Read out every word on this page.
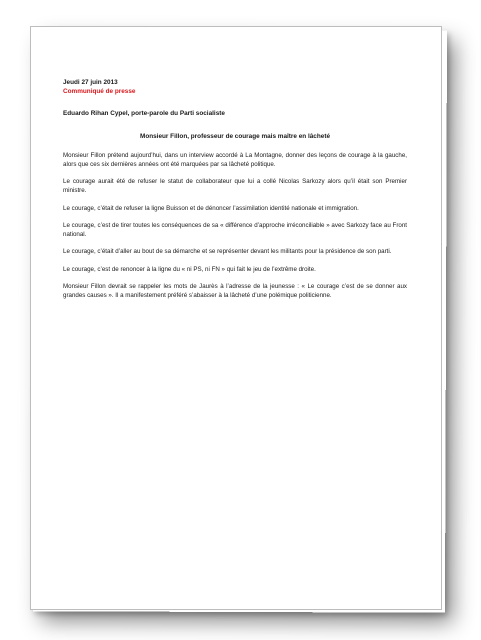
Jeudi 27 juin 2013

Communiqué de presse

Eduardo Rihan Cypel, porte-parole du Parti socialiste

Monsieur Fillon, professeur de courage mais maître en lâcheté

Monsieur Fillon prétend aujourd’hui, dans un interview accordé à La Montagne, donner des leçons de courage à la gauche, alors que ces six dernières années ont été marquées par sa lâcheté politique.

Le courage aurait été de refuser le statut de collaborateur que lui a collé Nicolas Sarkozy alors qu’il était son Premier ministre.

Le courage, c’était de refuser la ligne Buisson et de dénoncer l’assimilation identité nationale et immigration.

Le courage, c’est de tirer toutes les conséquences de sa « différence d’approche irréconciliable » avec Sarkozy face au Front national.

Le courage, c’était d’aller au bout de sa démarche et se représenter devant les militants pour la présidence de son parti.

Le courage, c’est de renoncer à la ligne du « ni PS, ni FN » qui fait le jeu de l’extrême droite.

Monsieur Fillon devrait se rappeler les mots de Jaurès à l’adresse de la jeunesse : « Le courage c’est de se donner aux grandes causes ». Il a manifestement préféré s’abaisser à la lâcheté d’une polémique politicienne.
